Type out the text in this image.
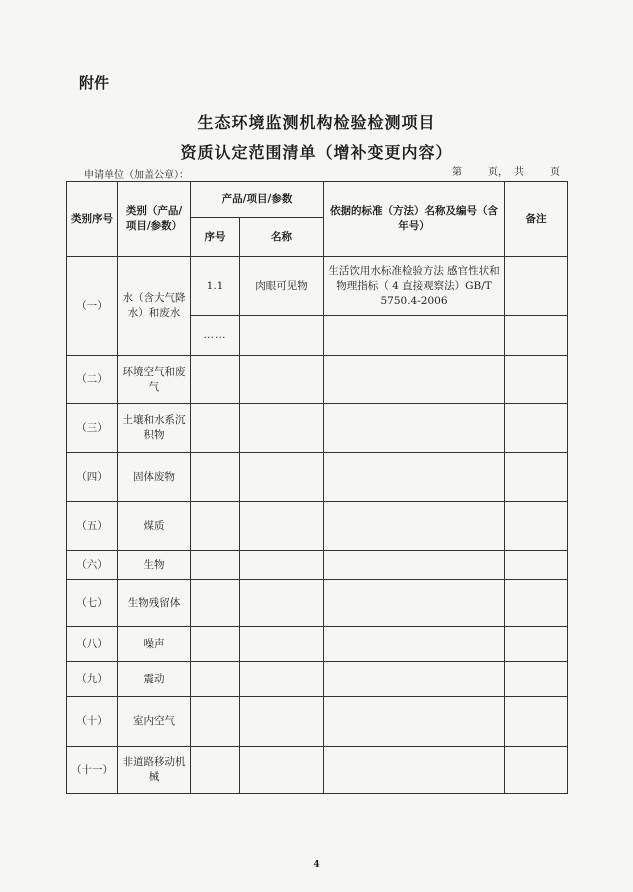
附件
生态环境监测机构检验检测项目
资质认定范围清单（增补变更内容）
申请单位（加盖公章）：	第	页， 共	页
类别序号	类别（产品/项目/参数）	产品/项目/参数		依据的标准（方法）名称及编号（含年号）	备注
		序号	名称		
（一）	水（含大气降水）和废水	1.1	肉眼可见物	生活饮用水标准检验方法 感官性状和物理指标（ 4 直接观察法）GB/T 5750.4-2006	
		……			
（二）	环境空气和废气				
（三）	土壤和水系沉积物				
（四）	固体废物				
（五）	煤质				
（六）	生物				
（七）	生物残留体				
（八）	噪声				
（九）	震动				
（十）	室内空气				
（十一）	非道路移动机械				
4
